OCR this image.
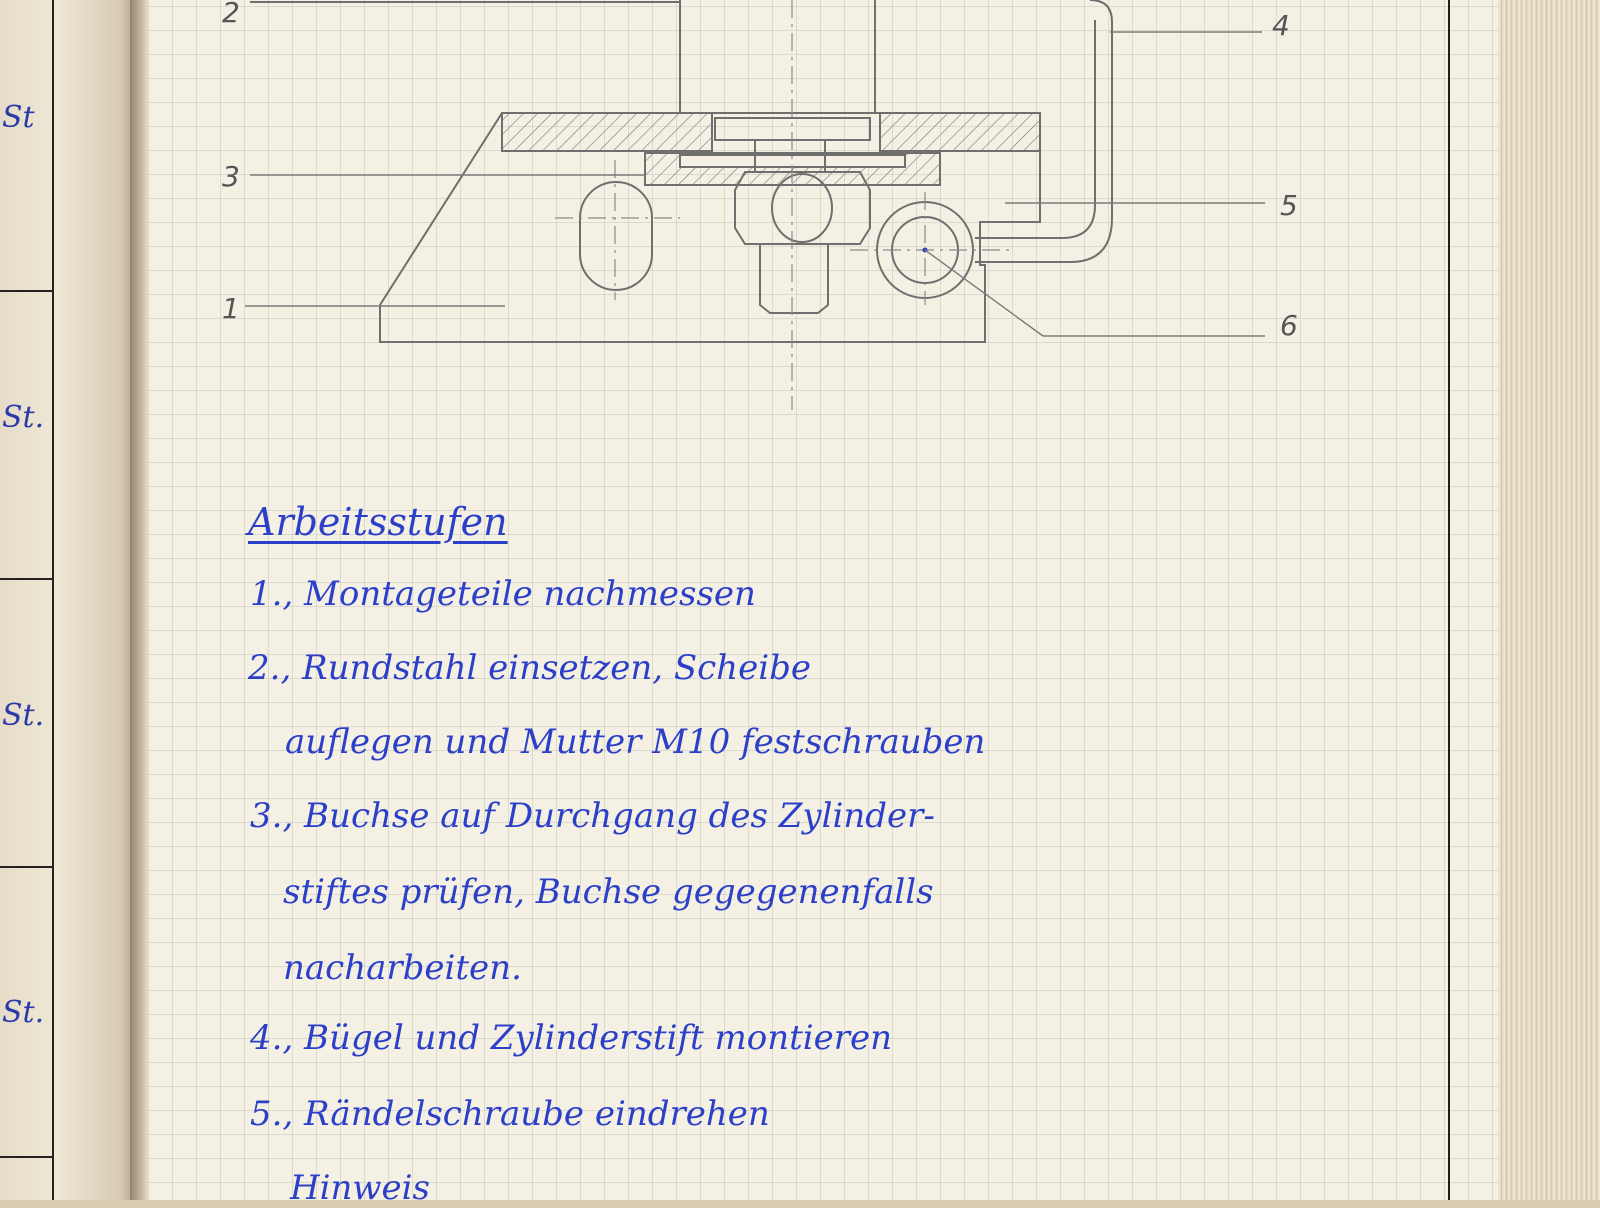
St
St.
St.
St.
2
3
1
4
5
6
Arbeitsstufen
1., Montageteile nachmessen
2., Rundstahl einsetzen, Scheibe
auflegen und Mutter M10 festschrauben
3., Buchse auf Durchgang des Zylinder-
stiftes prüfen, Buchse gegegenenfalls
nacharbeiten.
4., Bügel und Zylinderstift montieren
5., Rändelschraube eindrehen
Hinweis
